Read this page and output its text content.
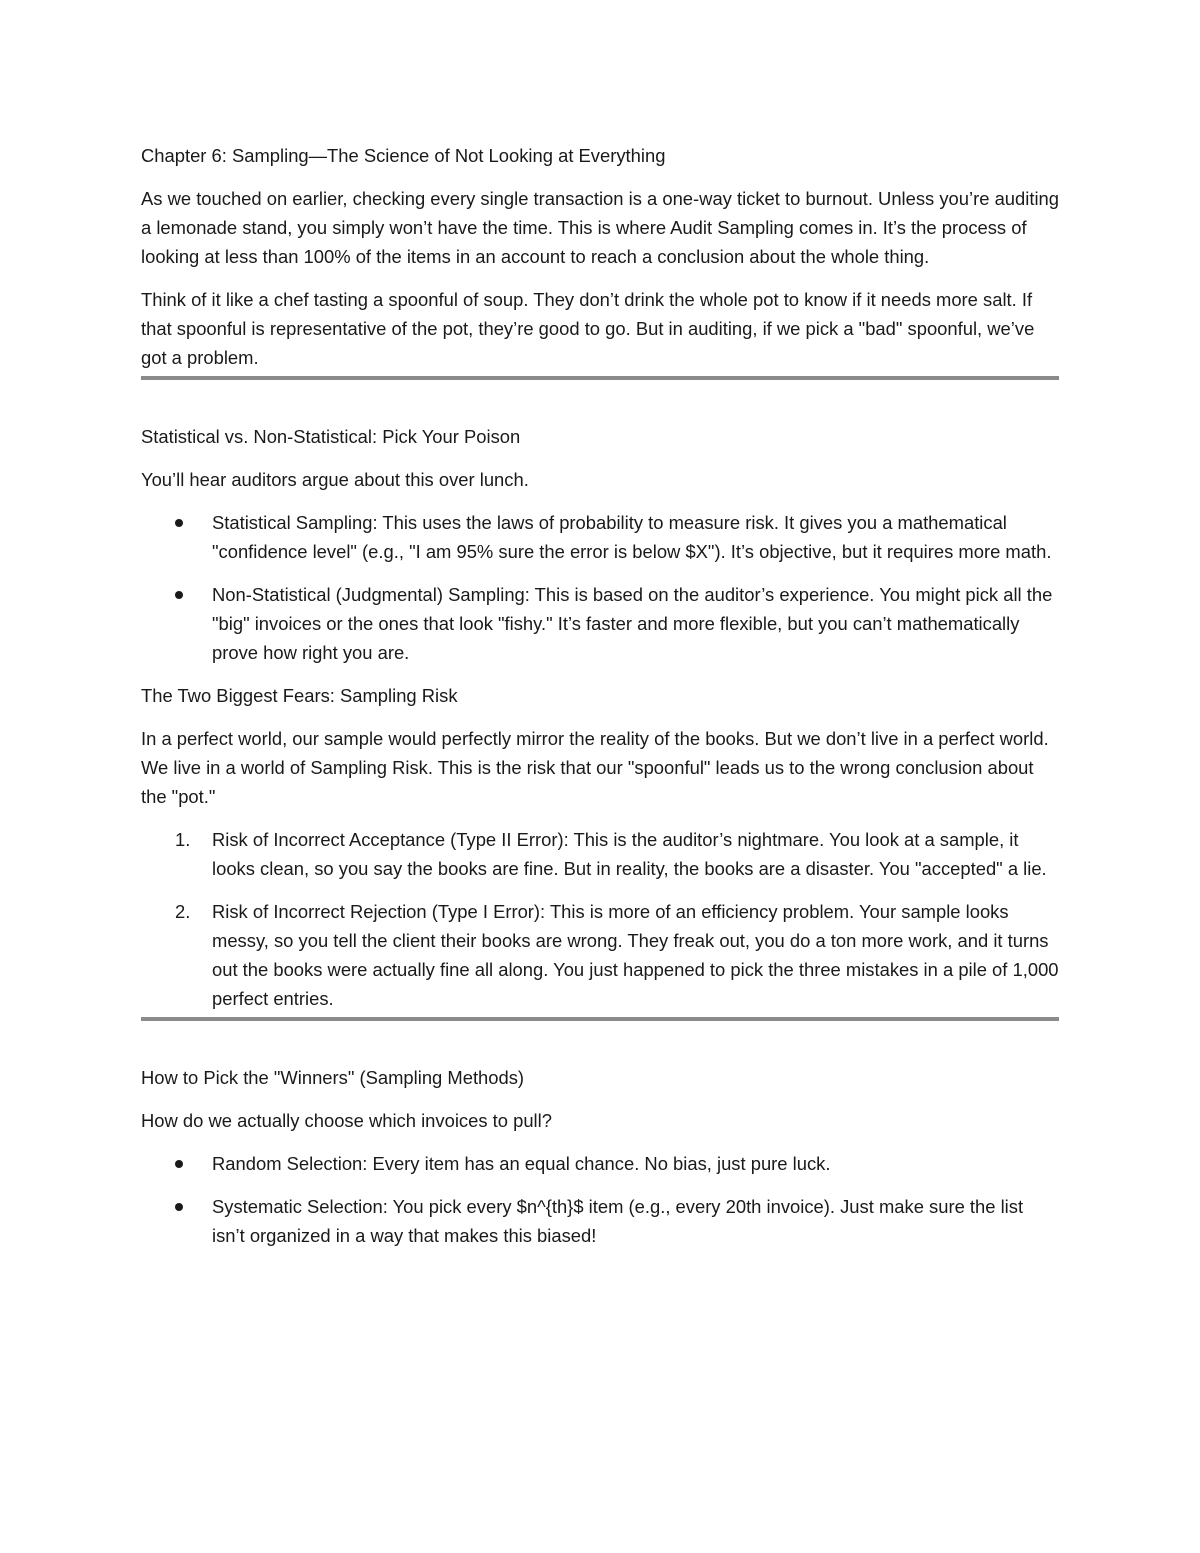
Chapter 6: Sampling—The Science of Not Looking at Everything

As we touched on earlier, checking every single transaction is a one-way ticket to burnout. Unless you’re auditing a lemonade stand, you simply won’t have the time. This is where Audit Sampling comes in. It’s the process of looking at less than 100% of the items in an account to reach a conclusion about the whole thing.

Think of it like a chef tasting a spoonful of soup. They don’t drink the whole pot to know if it needs more salt. If that spoonful is representative of the pot, they’re good to go. But in auditing, if we pick a "bad" spoonful, we’ve got a problem.

Statistical vs. Non-Statistical: Pick Your Poison

You’ll hear auditors argue about this over lunch.

Statistical Sampling: This uses the laws of probability to measure risk. It gives you a mathematical "confidence level" (e.g., "I am 95% sure the error is below $X"). It’s objective, but it requires more math.
Non-Statistical (Judgmental) Sampling: This is based on the auditor’s experience. You might pick all the "big" invoices or the ones that look "fishy." It’s faster and more flexible, but you can’t mathematically prove how right you are.

The Two Biggest Fears: Sampling Risk

In a perfect world, our sample would perfectly mirror the reality of the books. But we don’t live in a perfect world. We live in a world of Sampling Risk. This is the risk that our "spoonful" leads us to the wrong conclusion about the "pot."

1. Risk of Incorrect Acceptance (Type II Error): This is the auditor’s nightmare. You look at a sample, it looks clean, so you say the books are fine. But in reality, the books are a disaster. You "accepted" a lie.
2. Risk of Incorrect Rejection (Type I Error): This is more of an efficiency problem. Your sample looks messy, so you tell the client their books are wrong. They freak out, you do a ton more work, and it turns out the books were actually fine all along. You just happened to pick the three mistakes in a pile of 1,000 perfect entries.

How to Pick the "Winners" (Sampling Methods)

How do we actually choose which invoices to pull?

Random Selection: Every item has an equal chance. No bias, just pure luck.
Systematic Selection: You pick every $n^{th}$ item (e.g., every 20th invoice). Just make sure the list isn’t organized in a way that makes this biased!
